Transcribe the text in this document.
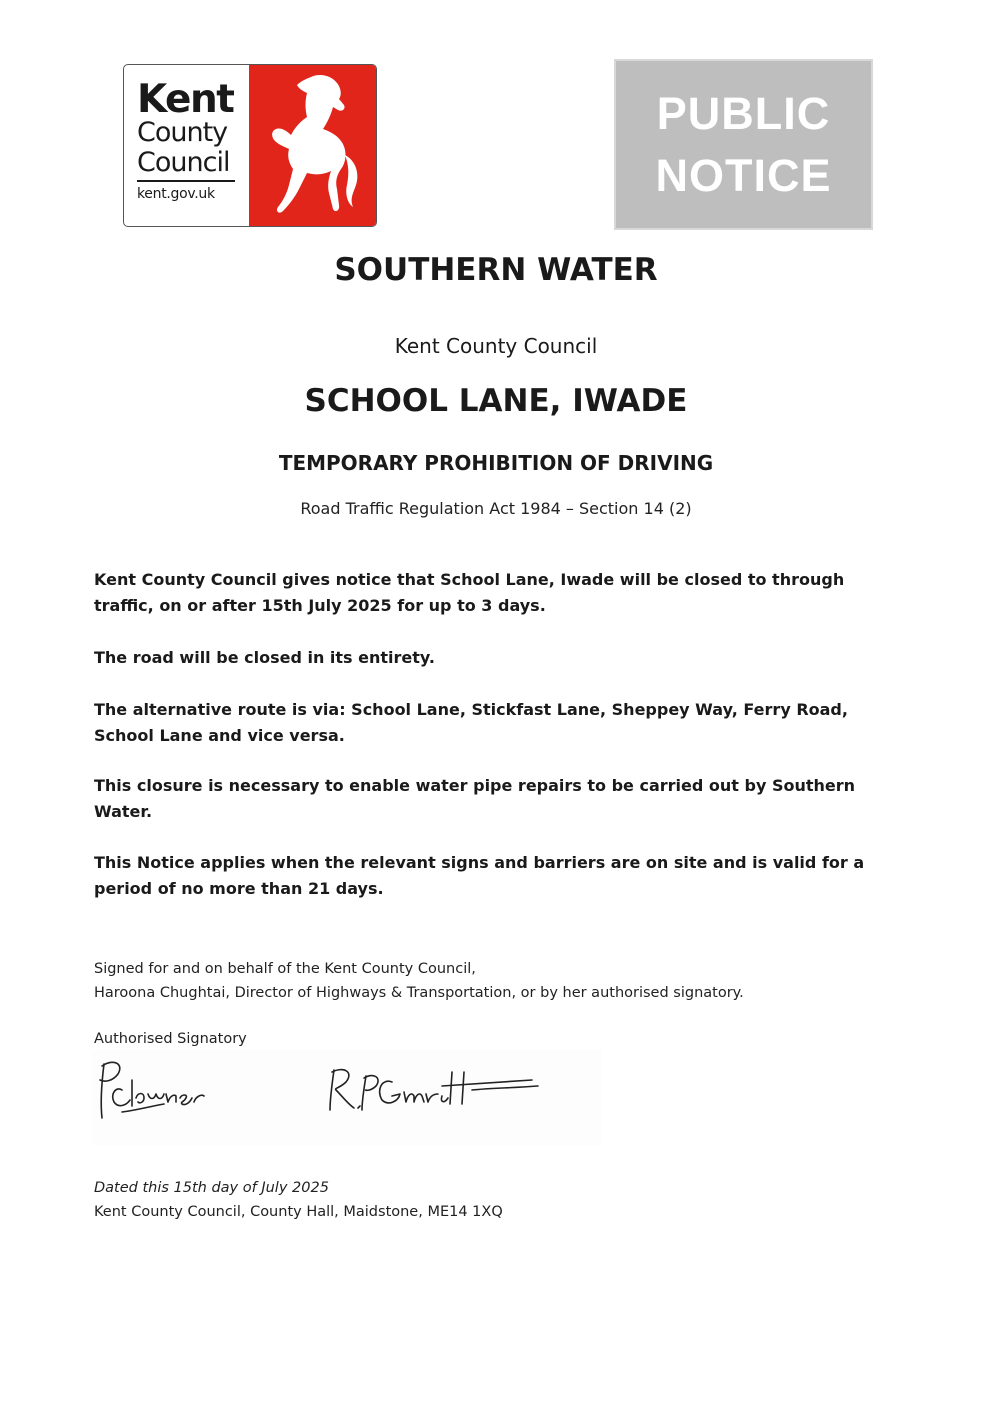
Kent
County
Council
kent.gov.uk
PUBLIC
NOTICE
SOUTHERN WATER
Kent County Council
SCHOOL LANE, IWADE
TEMPORARY PROHIBITION OF DRIVING
Road Traffic Regulation Act 1984 – Section 14 (2)

Kent County Council gives notice that School Lane, Iwade will be closed to through traffic, on or after 15th July 2025 for up to 3 days.

The road will be closed in its entirety.

The alternative route is via: School Lane, Stickfast Lane, Sheppey Way, Ferry Road, School Lane and vice versa.

This closure is necessary to enable water pipe repairs to be carried out by Southern Water.

This Notice applies when the relevant signs and barriers are on site and is valid for a period of no more than 21 days.

Signed for and on behalf of the Kent County Council,
Haroona Chughtai, Director of Highways & Transportation, or by her authorised signatory.
Authorised Signatory
Dated this 15th day of July 2025
Kent County Council, County Hall, Maidstone, ME14 1XQ
